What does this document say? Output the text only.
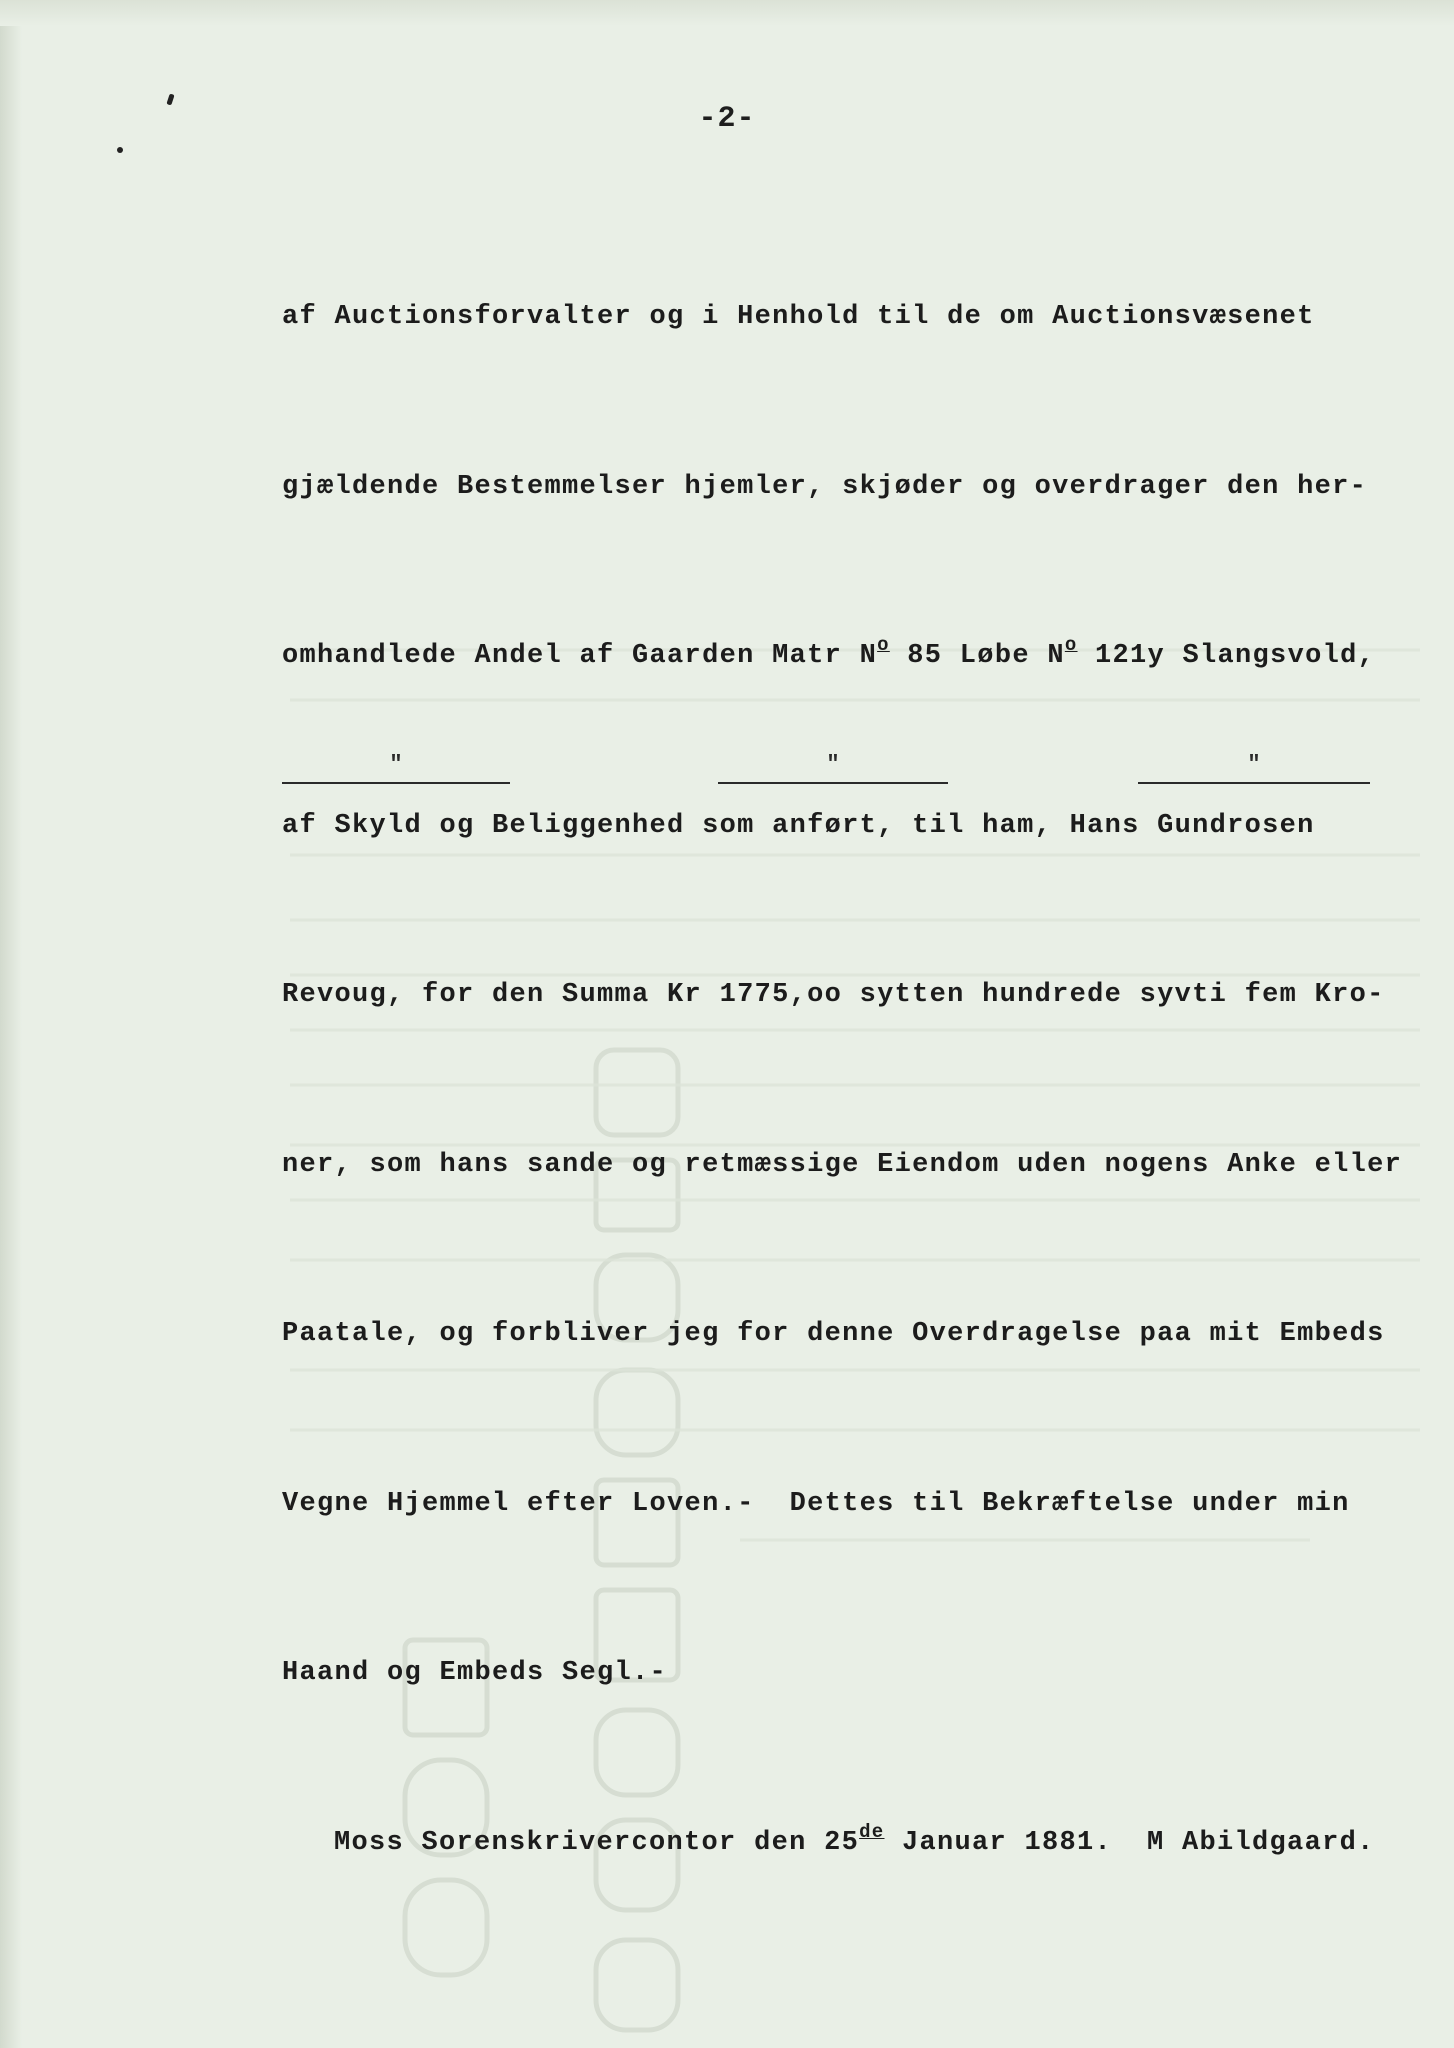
-2-

af Auctionsforvalter og i Henhold til de om Auctionsvæsenet

gjældende Bestemmelser hjemler, skjøder og overdrager den her-

omhandlede Andel af Gaarden Matr $N^o$ 85 Løbe $N^o$ 121y Slangsvold,

af Skyld og Beliggenhed som anført, til ham, Hans Gundrosen

Revoug, for den Summa Kr 1775,oo sytten hundrede syvti fem Kro-

ner, som hans sande og retmæssige Eiendom uden nogens Anke eller

Paatale, og forbliver jeg for denne Overdragelse paa mit Embeds

Vegne Hjemmel efter Loven.-  Dettes til Bekræftelse under min

Haand og Embeds Segl.-

Moss Sorenskrivercontor den 25de Januar 1881.  M Abildgaard.

"	"	"
